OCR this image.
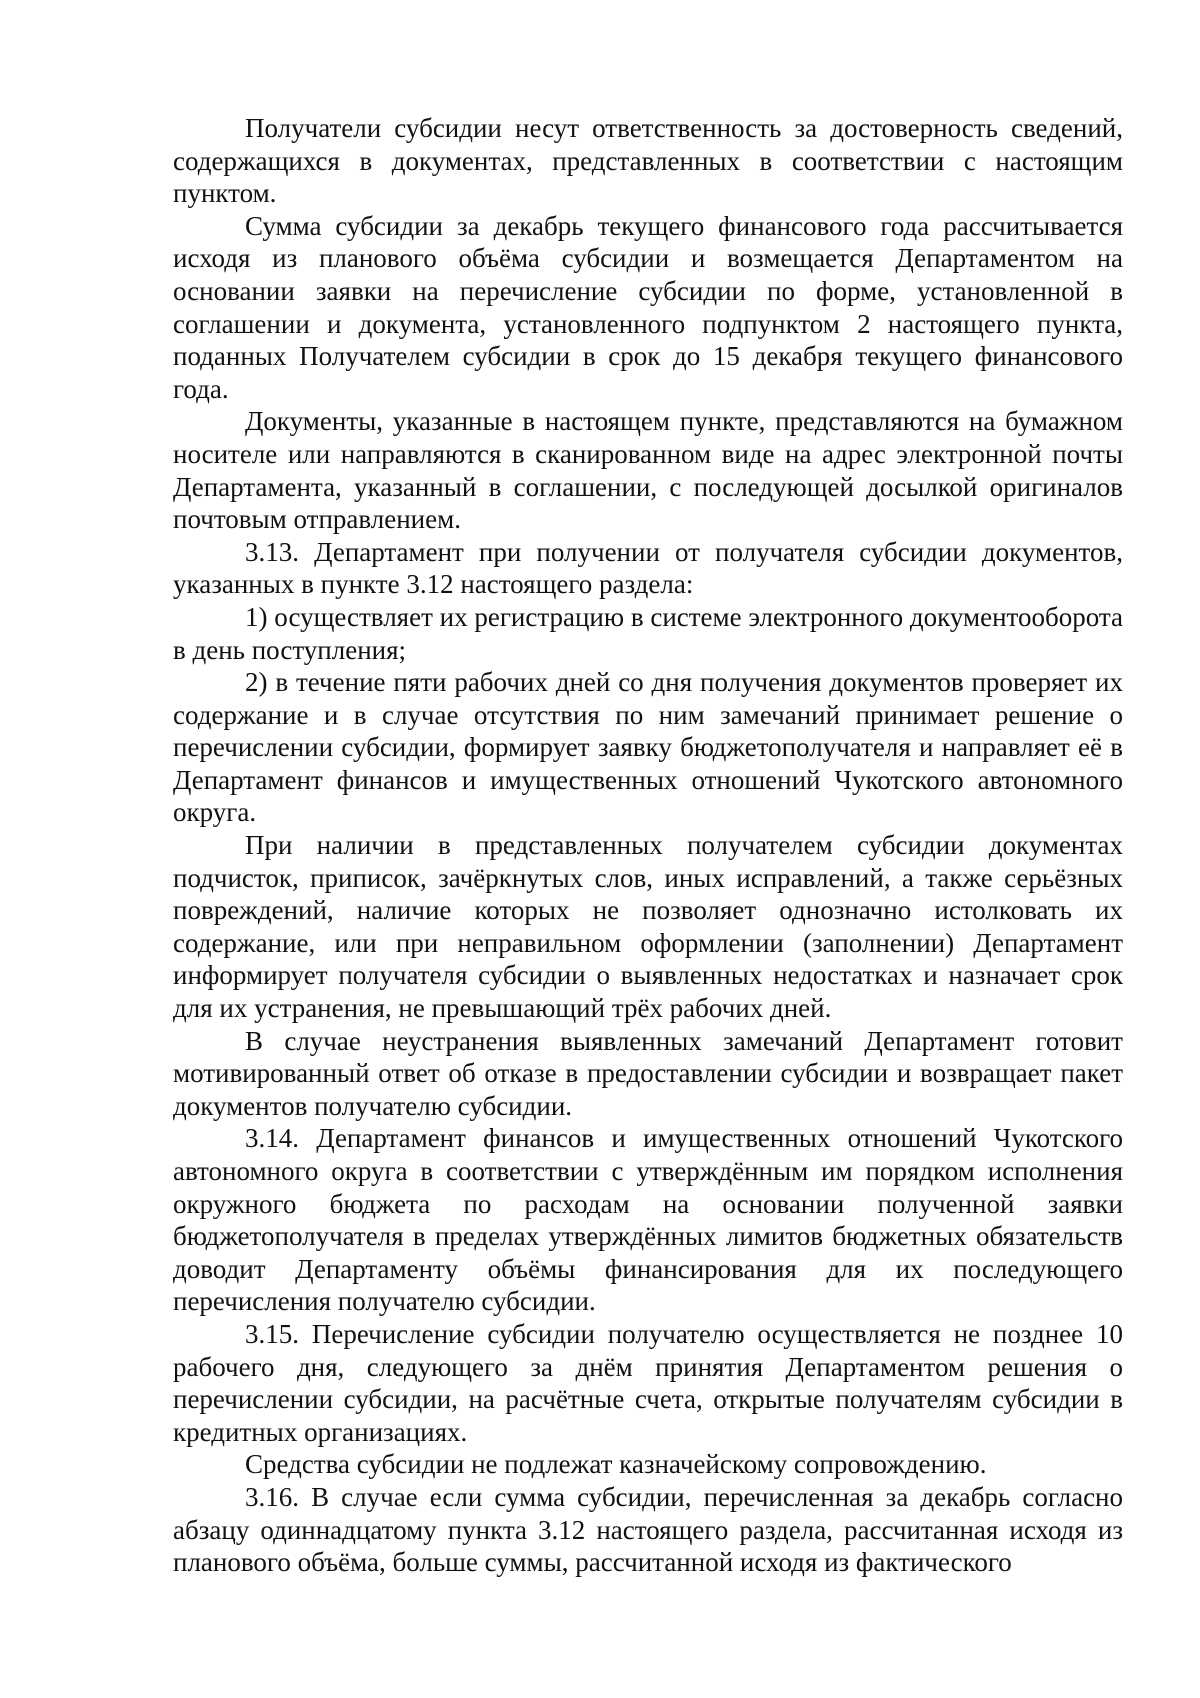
Получатели субсидии несут ответственность за достоверность сведений, содержащихся в документах, представленных в соответствии с настоящим пунктом.

Сумма субсидии за декабрь текущего финансового года рассчитывается исходя из планового объёма субсидии и возмещается Департаментом на основании заявки на перечисление субсидии по форме, установленной в соглашении и документа, установленного подпунктом 2 настоящего пункта, поданных Получателем субсидии в срок до 15 декабря текущего финансового года.

Документы, указанные в настоящем пункте, представляются на бумажном носителе или направляются в сканированном виде на адрес электронной почты Департамента, указанный в соглашении, с последующей досылкой оригиналов почтовым отправлением.

3.13. Департамент при получении от получателя субсидии документов, указанных в пункте 3.12 настоящего раздела:

1) осуществляет их регистрацию в системе электронного документооборота в день поступления;

2) в течение пяти рабочих дней со дня получения документов проверяет их содержание и в случае отсутствия по ним замечаний принимает решение о перечислении субсидии, формирует заявку бюджетополучателя и направляет её в Департамент финансов и имущественных отношений Чукотского автономного округа.

При наличии в представленных получателем субсидии документах подчисток, приписок, зачёркнутых слов, иных исправлений, а также серьёзных повреждений, наличие которых не позволяет однозначно истолковать их содержание, или при неправильном оформлении (заполнении) Департамент информирует получателя субсидии о выявленных недостатках и назначает срок для их устранения, не превышающий трёх рабочих дней.

В случае неустранения выявленных замечаний Департамент готовит мотивированный ответ об отказе в предоставлении субсидии и возвращает пакет документов получателю субсидии.

3.14. Департамент финансов и имущественных отношений Чукотского автономного округа в соответствии с утверждённым им порядком исполнения окружного бюджета по расходам на основании полученной заявки бюджетополучателя в пределах утверждённых лимитов бюджетных обязательств доводит Департаменту объёмы финансирования для их последующего перечисления получателю субсидии.

3.15. Перечисление субсидии получателю осуществляется не позднее 10 рабочего дня, следующего за днём принятия Департаментом решения о перечислении субсидии, на расчётные счета, открытые получателям субсидии в кредитных организациях.

Средства субсидии не подлежат казначейскому сопровождению.

3.16. В случае если сумма субсидии, перечисленная за декабрь согласно абзацу одиннадцатому пункта 3.12 настоящего раздела, рассчитанная исходя из планового объёма, больше суммы, рассчитанной исходя из фактического
